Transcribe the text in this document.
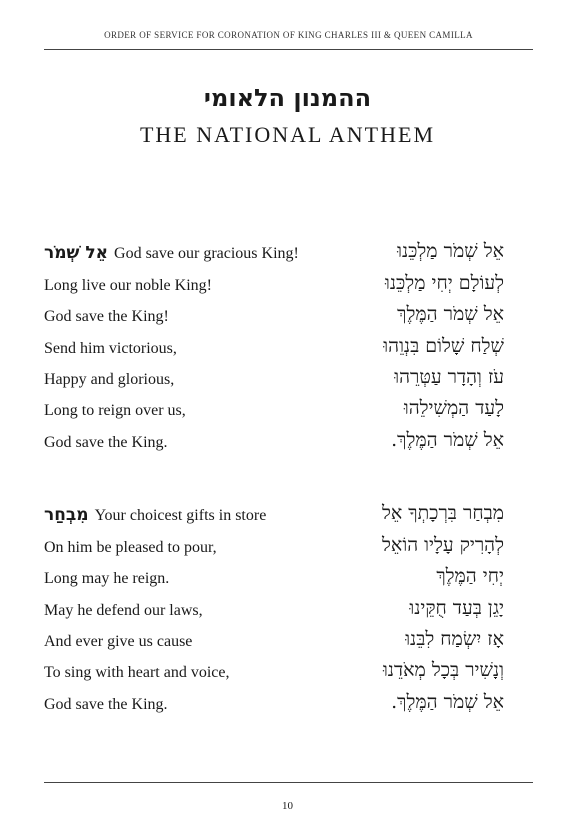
ORDER OF SERVICE FOR CORONATION OF KING CHARLES III & QUEEN CAMILLA
ההמנון הלאומי
THE NATIONAL ANTHEM
אֵל שְׁמֹר God save our gracious King!	אֵל שְׁמֹר מַלְכֵּנוּ
Long live our noble King!	לְעוֹלָם יְחִי מַלְכֵּנוּ
God save the King!	אֵל שְׁמֹר הַמֶּלֶךְ
Send him victorious,	שְׁלַח שָׁלוֹם בִּנְוֵהוּ
Happy and glorious,	עֹז וְהָדָר עַטְּרֵהוּ
Long to reign over us,	לָעַד הַמְשִׁילֵהוּ
God save the King.	אֵל שְׁמֹר הַמֶּלֶךְ.
מִבְחַר Your choicest gifts in store	מִבְחַר בִּרְכָתְךָ אֵל
On him be pleased to pour,	לְהָרִיק עָלָיו הוֹאֵל
Long may he reign.	יְחִי הַמֶּלֶךְ
May he defend our laws,	יָגֵן בְּעַד חֻקֵּינוּ
And ever give us cause	אָז יִשְׂמַח לִבֵּנוּ
To sing with heart and voice,	וְנָשִׁיר בְּכָל מְאֹדֵנוּ
God save the King.	אֵל שְׁמֹר הַמֶּלֶךְ.
10
